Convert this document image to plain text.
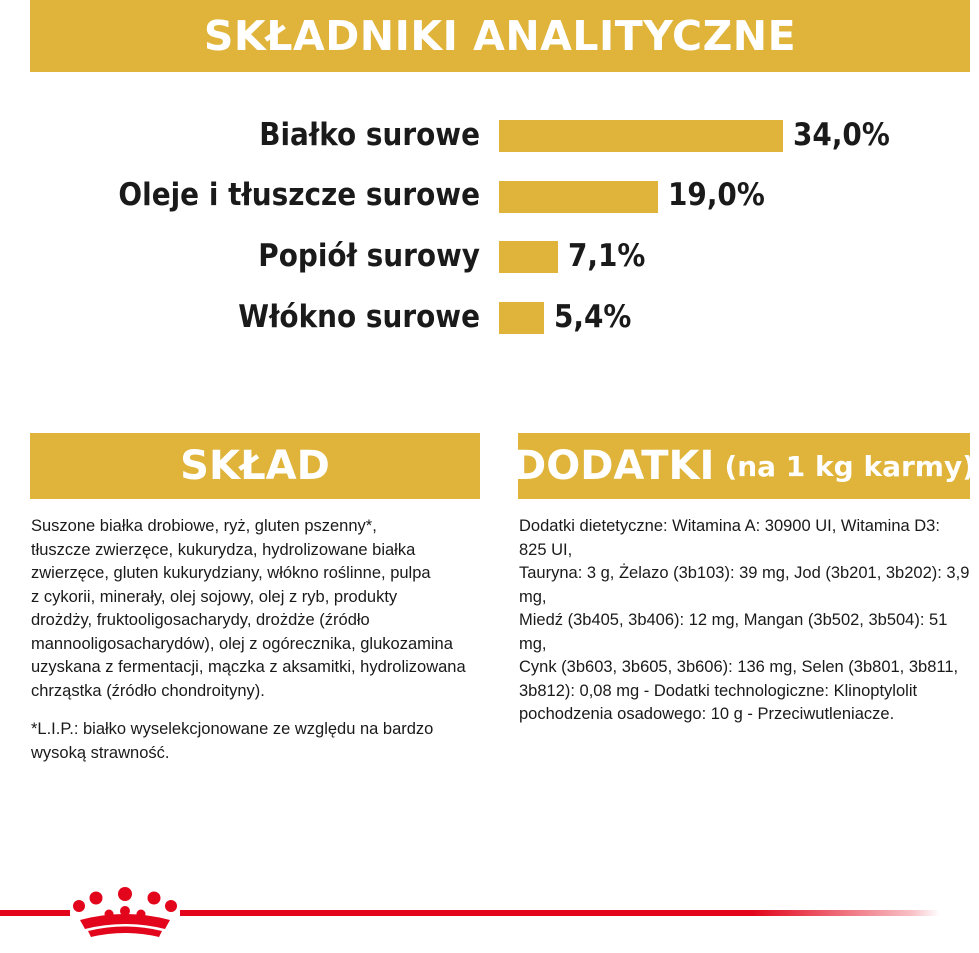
SKŁADNIKI ANALITYCZNE
Białko surowe	34,0%
Oleje i tłuszcze surowe	19,0%
Popiół surowy	7,1%
Włókno surowe 5,4%
SKŁAD	DODATKI (na 1 kg karmy)
Suszone białka drobiowe, ryż, gluten pszenny*,
tłuszcze zwierzęce, kukurydza, hydrolizowane białka
zwierzęce, gluten kukurydziany, włókno roślinne, pulpa
z cykorii, minerały, olej sojowy, olej z ryb, produkty
drożdży, fruktooligosacharydy, drożdże (źródło
mannooligosacharydów), olej z ogórecznika, glukozamina
uzyskana z fermentacji, mączka z aksamitki, hydrolizowana
chrząstka (źródło chondroityny).
*L.I.P.: białko wyselekcjonowane ze względu na bardzo
wysoką strawność.
Dodatki dietetyczne: Witamina A: 30900 UI, Witamina D3: 825 UI,
Tauryna: 3 g, Żelazo (3b103): 39 mg, Jod (3b201, 3b202): 3,9 mg,
Miedź (3b405, 3b406): 12 mg, Mangan (3b502, 3b504): 51 mg,
Cynk (3b603, 3b605, 3b606): 136 mg, Selen (3b801, 3b811,
3b812): 0,08 mg - Dodatki technologiczne: Klinoptylolit
pochodzenia osadowego: 10 g - Przeciwutleniacze.
